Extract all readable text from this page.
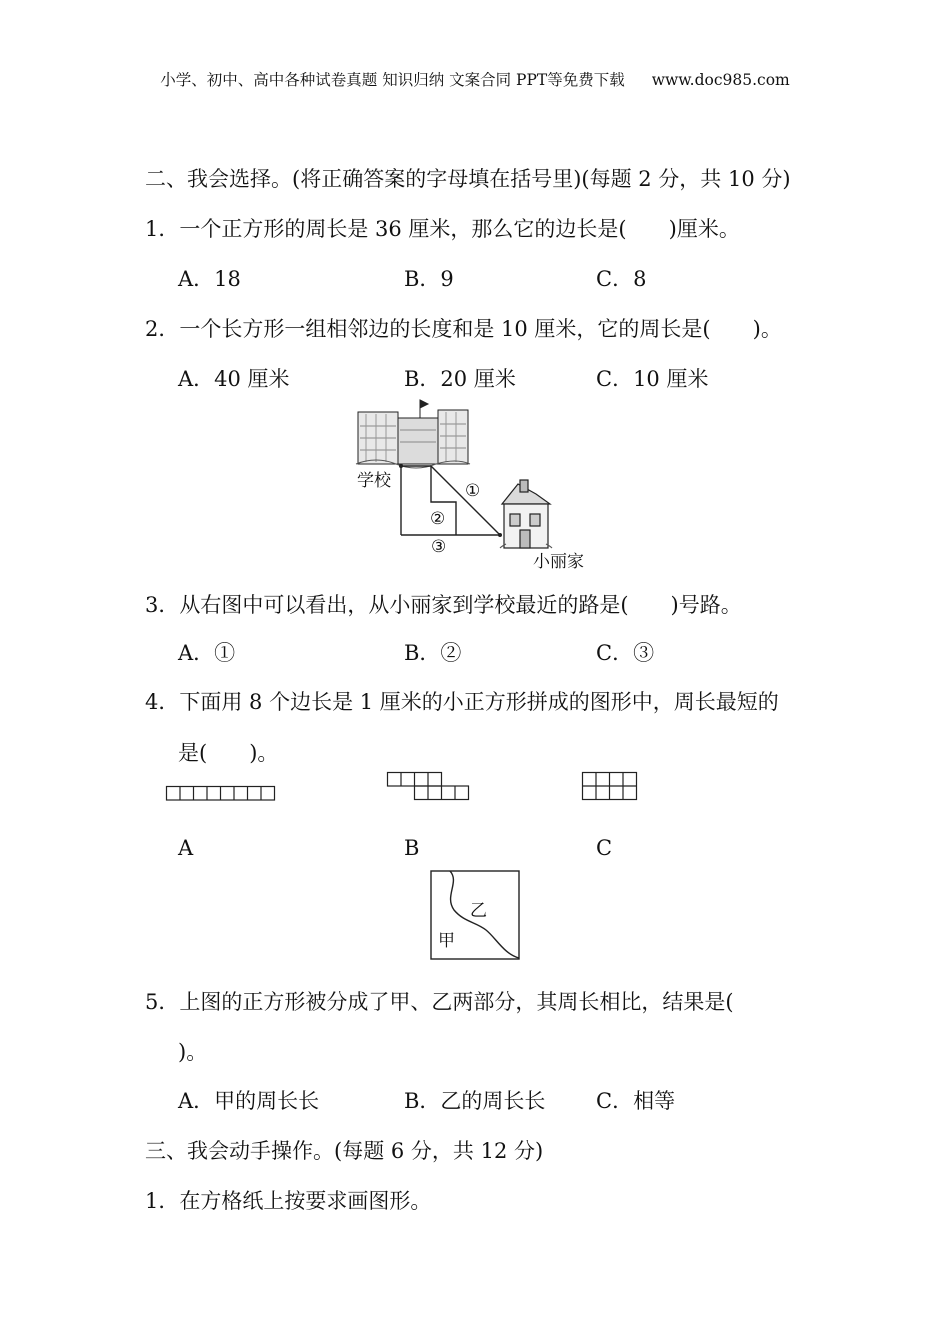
小学、初中、高中各种试卷真题 知识归纳 文案合同 PPT等免费下载 www.doc985.com
二、我会选择。(将正确答案的字母填在括号里)(每题 2 分，共 10 分)
1．一个正方形的周长是 36 厘米，那么它的边长是(　　)厘米。
A．18	B．9	C．8
2．一个长方形一组相邻边的长度和是 10 厘米，它的周长是(　　)。
A．40 厘米	B．20 厘米	C．10 厘米
学校
小丽家
①
②
③
3．从右图中可以看出，从小丽家到学校最近的路是(　　)号路。
A．①	B．②	C．③
4．下面用 8 个边长是 1 厘米的小正方形拼成的图形中，周长最短的
是(　　)。
A	B	C
甲
乙
5．上图的正方形被分成了甲、乙两部分，其周长相比，结果是(
)。
A．甲的周长长	B．乙的周长长 C．相等
三、我会动手操作。(每题 6 分，共 12 分)
1．在方格纸上按要求画图形。
